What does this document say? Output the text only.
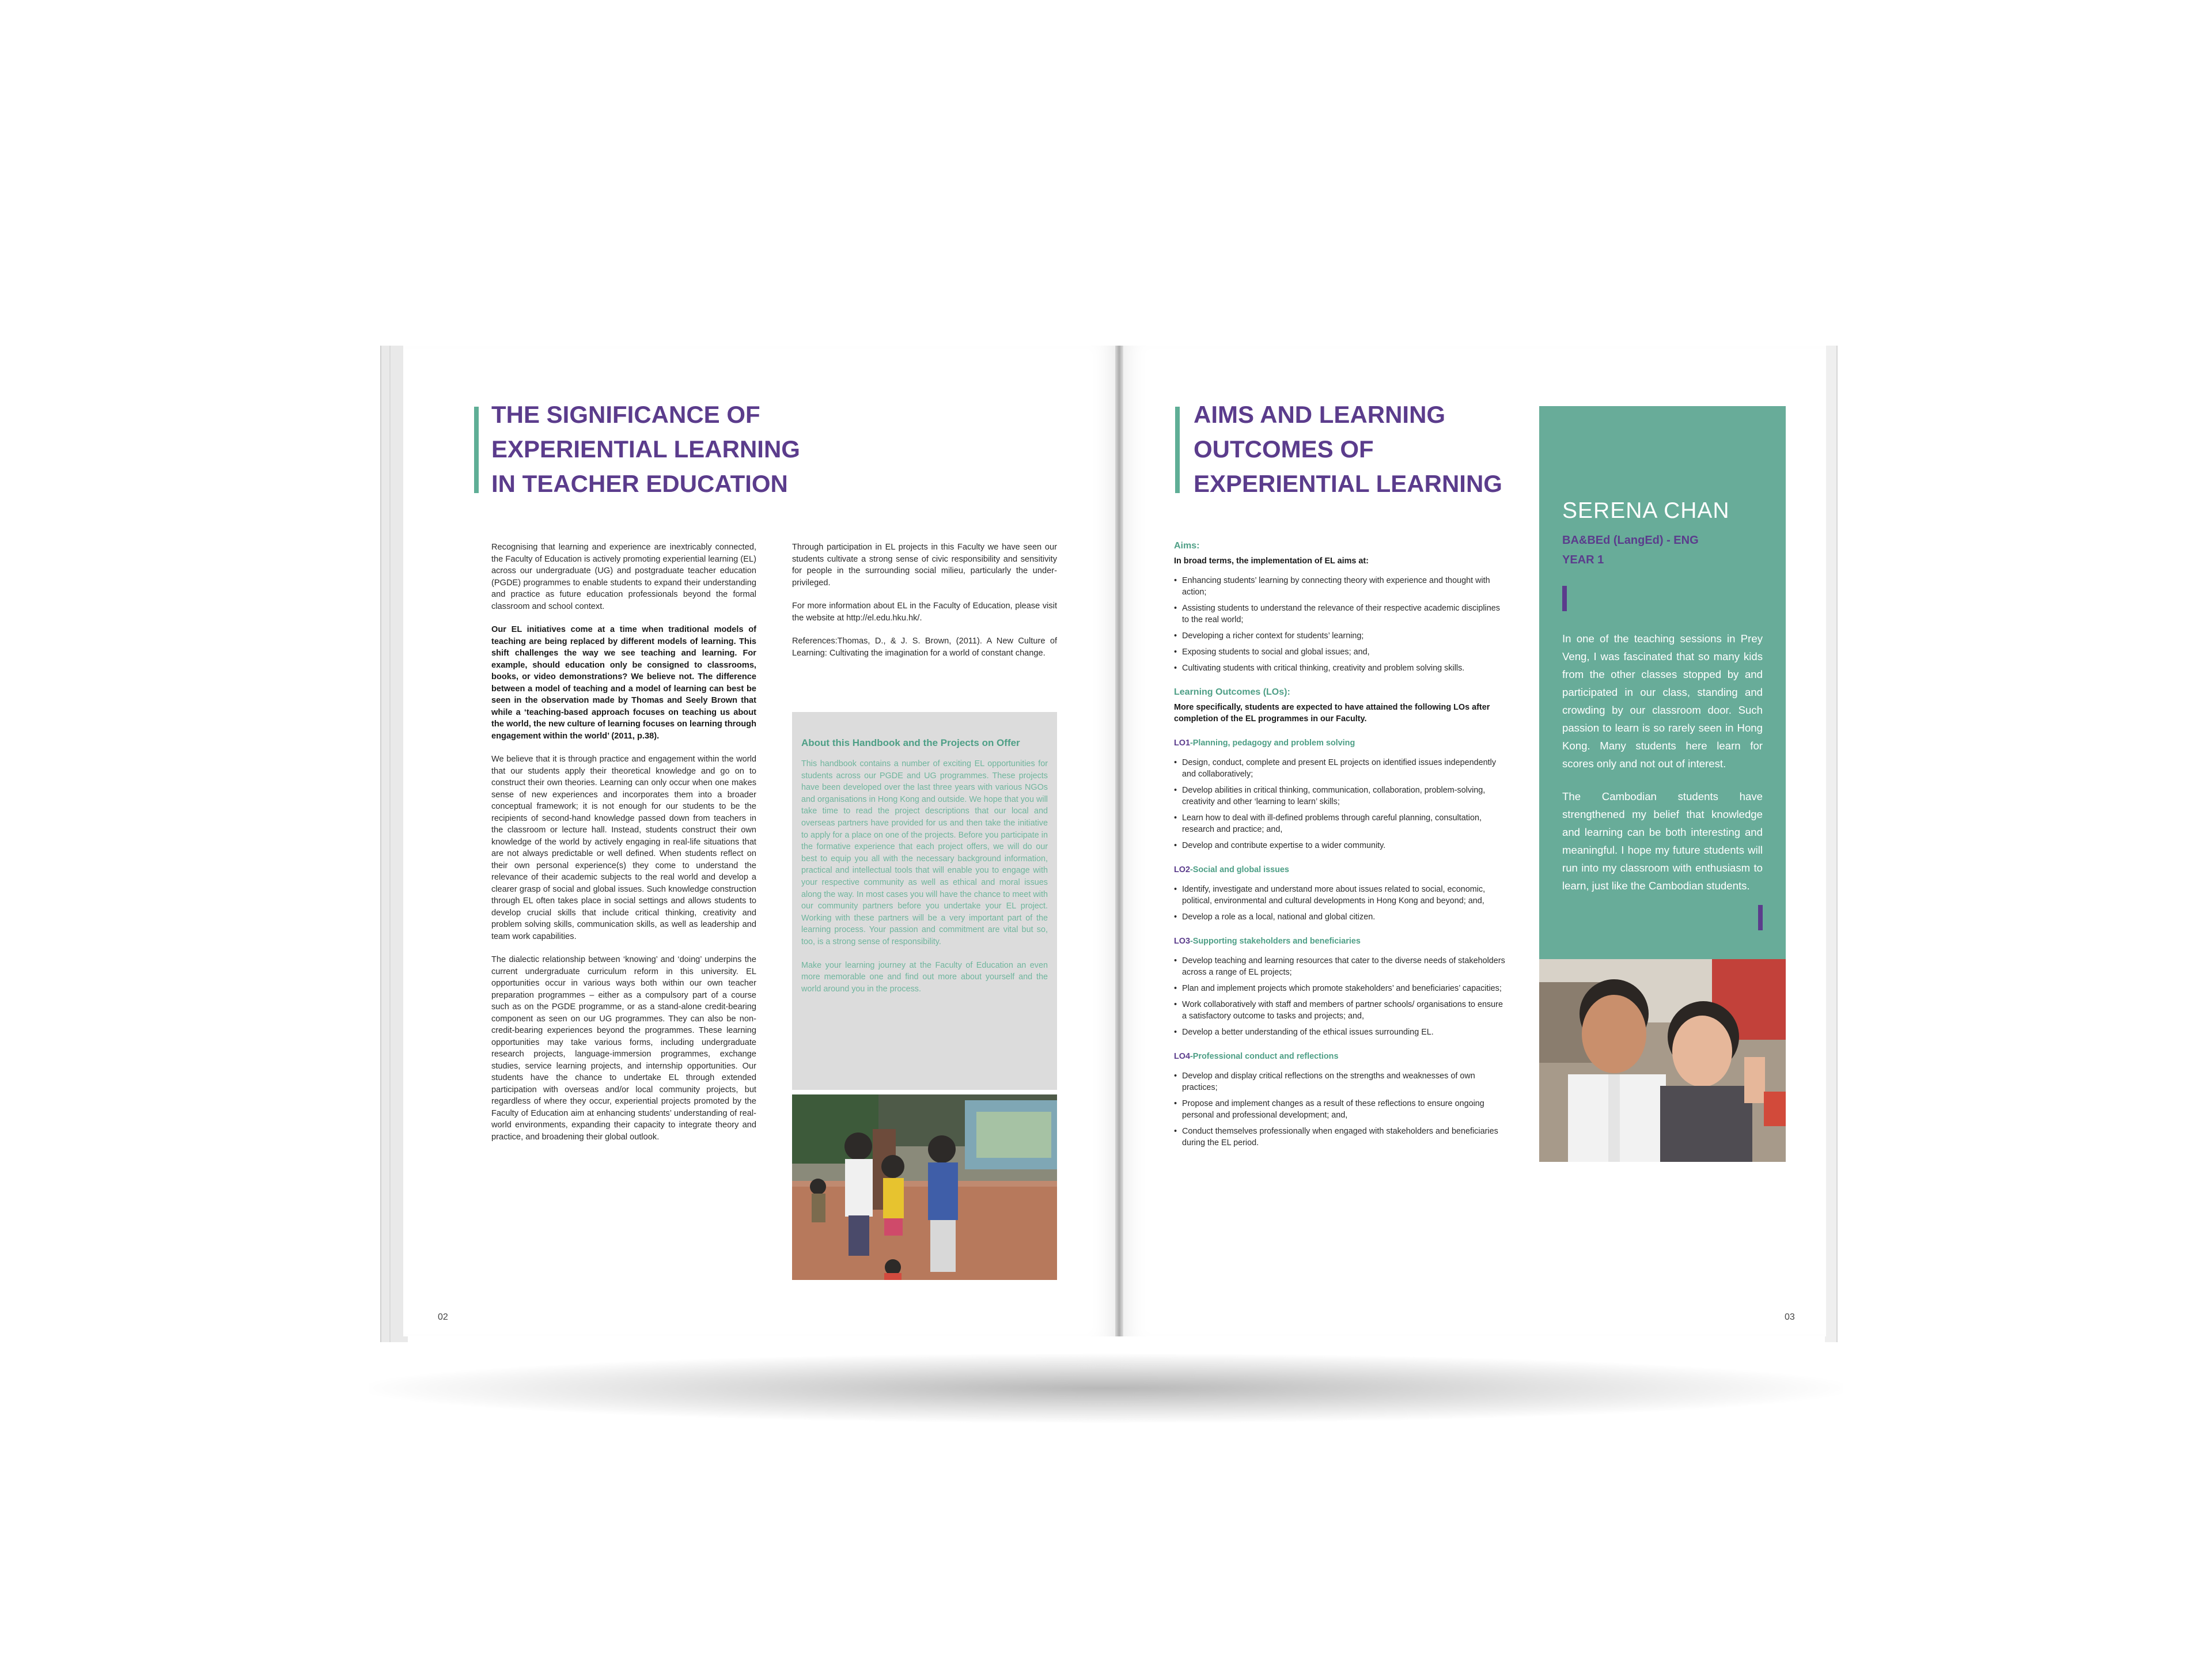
THE SIGNIFICANCE OF
EXPERIENTIAL LEARNING
IN TEACHER EDUCATION

Recognising that learning and experience are inextricably connected, the Faculty of Education is actively promoting experiential learning (EL) across our undergraduate (UG) and postgraduate teacher education (PGDE) programmes to enable students to expand their understanding and practice as future education professionals beyond the formal classroom and school context.

Our EL initiatives come at a time when traditional models of teaching are being replaced by different models of learning. This shift challenges the way we see teaching and learning. For example, should education only be consigned to classrooms, books, or video demonstrations? We believe not. The difference between a model of teaching and a model of learning can best be seen in the observation made by Thomas and Seely Brown that while a ‘teaching-based approach focuses on teaching us about the world, the new culture of learning focuses on learning through engagement within the world’ (2011, p.38).

We believe that it is through practice and engagement within the world that our students apply their theoretical knowledge and go on to construct their own theories. Learning can only occur when one makes sense of new experiences and incorporates them into a broader conceptual framework; it is not enough for our students to be the recipients of second-hand knowledge passed down from teachers in the classroom or lecture hall. Instead, students construct their own knowledge of the world by actively engaging in real-life situations that are not always predictable or well defined. When students reflect on their own personal experience(s) they come to understand the relevance of their academic subjects to the real world and develop a clearer grasp of social and global issues. Such knowledge construction through EL often takes place in social settings and allows students to develop crucial skills that include critical thinking, creativity and problem solving skills, communication skills, as well as leadership and team work capabilities.

The dialectic relationship between ‘knowing’ and ‘doing’ underpins the current undergraduate curriculum reform in this university. EL opportunities occur in various ways both within our own teacher preparation programmes – either as a compulsory part of a course such as on the PGDE programme, or as a stand-alone credit-bearing component as seen on our UG programmes. They can also be non-credit-bearing experiences beyond the programmes. These learning opportunities may take various forms, including undergraduate research projects, language-immersion programmes, exchange studies, service learning projects, and internship opportunities. Our students have the chance to undertake EL through extended participation with overseas and/or local community projects, but regardless of where they occur, experiential projects promoted by the Faculty of Education aim at enhancing students’ understanding of real-world environments, expanding their capacity to integrate theory and practice, and broadening their global outlook.

Through participation in EL projects in this Faculty we have seen our students cultivate a strong sense of civic responsibility and sensitivity for people in the surrounding social milieu, particularly the under-privileged.

For more information about EL in the Faculty of Education, please visit the website at http://el.edu.hku.hk/.

References:Thomas, D., & J. S. Brown, (2011). A New Culture of Learning: Cultivating the imagination for a world of constant change.

About this Handbook and the Projects on Offer

This handbook contains a number of exciting EL opportunities for students across our PGDE and UG programmes. These projects have been developed over the last three years with various NGOs and organisations in Hong Kong and outside. We hope that you will take time to read the project descriptions that our local and overseas partners have provided for us and then take the initiative to apply for a place on one of the projects. Before you participate in the formative experience that each project offers, we will do our best to equip you all with the necessary background information, practical and intellectual tools that will enable you to engage with your respective community as well as ethical and moral issues along the way. In most cases you will have the chance to meet with our community partners before you undertake your EL project. Working with these partners will be a very important part of the learning process. Your passion and commitment are vital but so, too, is a strong sense of responsibility.

Make your learning journey at the Faculty of Education an even more memorable one and find out more about yourself and the world around you in the process.

02
AIMS AND LEARNING
OUTCOMES OF
EXPERIENTIAL LEARNING
Aims:
In broad terms, the implementation of EL aims at:
• Enhancing students’ learning by connecting theory with experience and thought with action;
• Assisting students to understand the relevance of their respective academic disciplines to the real world;
• Developing a richer context for students’ learning;
• Exposing students to social and global issues; and,
• Cultivating students with critical thinking, creativity and problem solving skills.
Learning Outcomes (LOs):
More specifically, students are expected to have attained the following LOs after completion of the EL programmes in our Faculty.
LO1-Planning, pedagogy and problem solving
• Design, conduct, complete and present EL projects on identified issues independently and collaboratively;
• Develop abilities in critical thinking, communication, collaboration, problem-solving, creativity and other ‘learning to learn’ skills;
• Learn how to deal with ill-defined problems through careful planning, consultation, research and practice; and,
• Develop and contribute expertise to a wider community.
LO2-Social and global issues
• Identify, investigate and understand more about issues related to social, economic, political, environmental and cultural developments in Hong Kong and beyond; and,
• Develop a role as a local, national and global citizen.
LO3-Supporting stakeholders and beneficiaries
• Develop teaching and learning resources that cater to the diverse needs of stakeholders across a range of EL projects;
• Plan and implement projects which promote stakeholders’ and beneficiaries’ capacities;
• Work collaboratively with staff and members of partner schools/ organisations to ensure a satisfactory outcome to tasks and projects; and,
• Develop a better understanding of the ethical issues surrounding EL.
LO4-Professional conduct and reflections
• Develop and display critical reflections on the strengths and weaknesses of own practices;
• Propose and implement changes as a result of these reflections to ensure ongoing personal and professional development; and,
• Conduct themselves professionally when engaged with stakeholders and beneficiaries during the EL period.
SERENA CHAN
BA&BEd (LangEd) - ENG
YEAR 1

In one of the teaching sessions in Prey Veng, I was fascinated that so many kids from the other classes stopped by and participated in our class, standing and crowding by our classroom door. Such passion to learn is so rarely seen in Hong Kong. Many students here learn for scores only and not out of interest.

The Cambodian students have strengthened my belief that knowledge and learning can be both interesting and meaningful. I hope my future students will run into my classroom with enthusiasm to learn, just like the Cambodian students.

03
